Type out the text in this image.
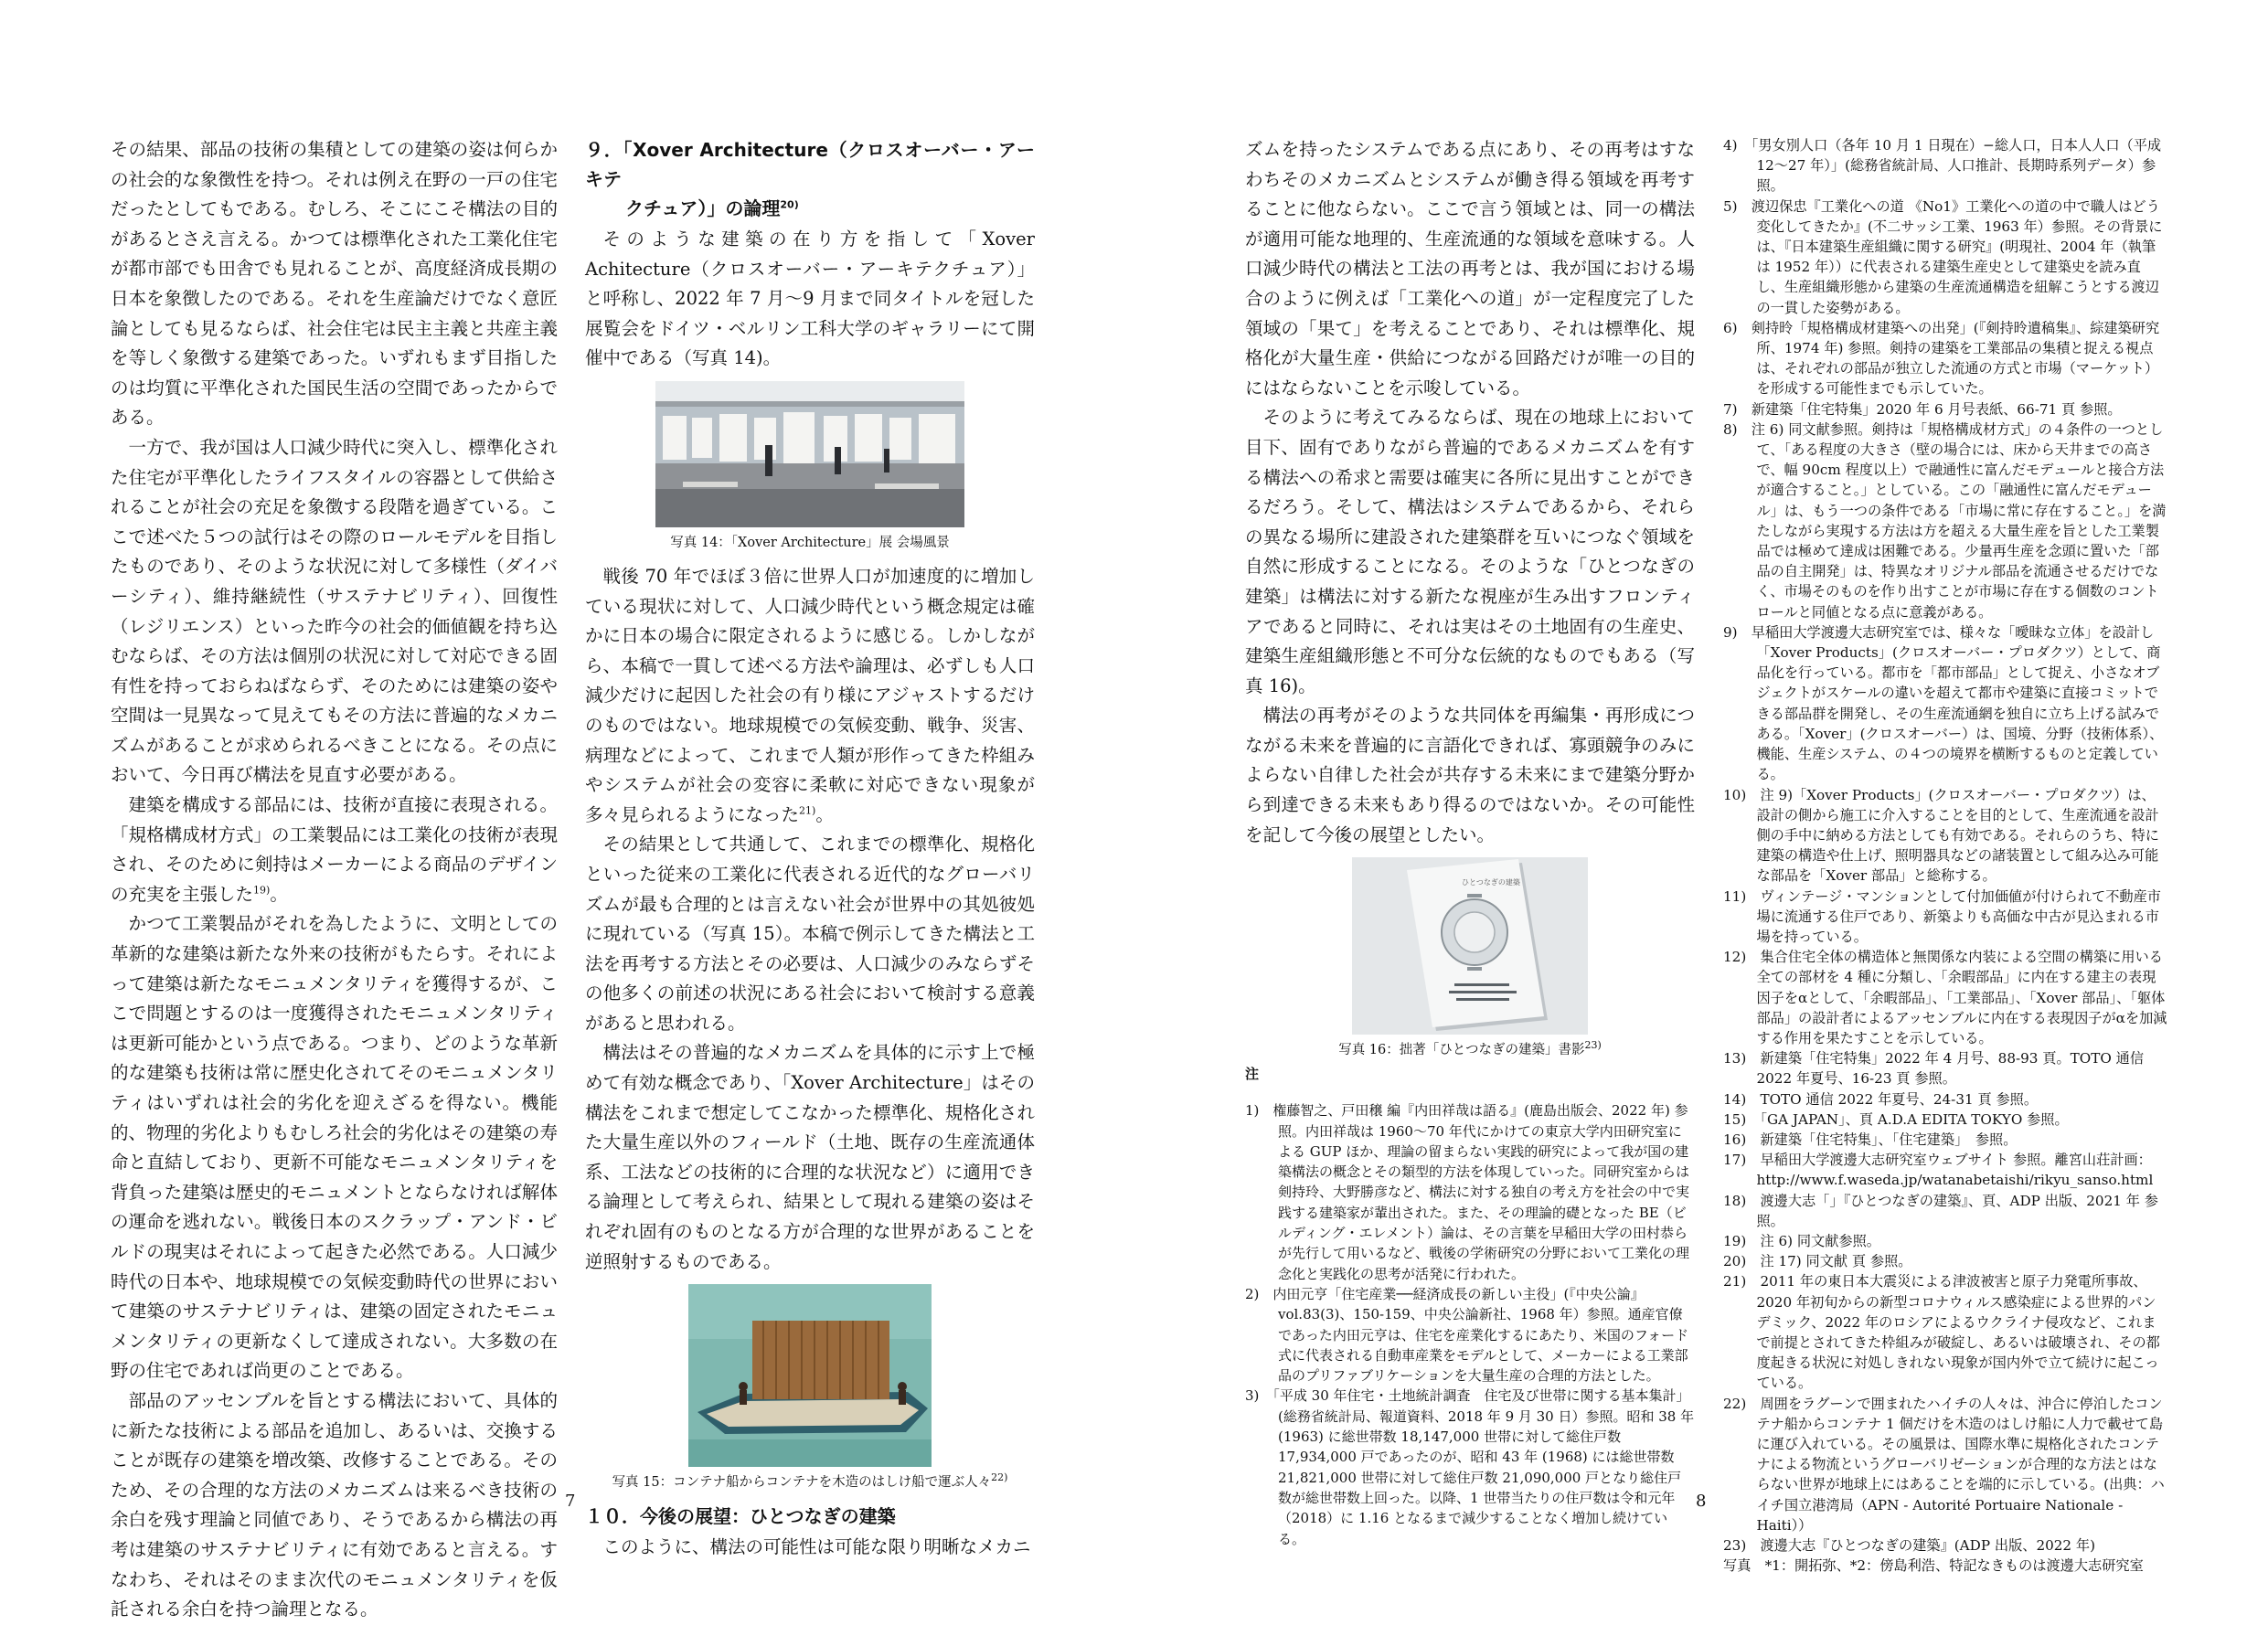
その結果、部品の技術の集積としての建築の姿は何らかの社会的な象徴性を持つ。それは例え在野の一戸の住宅だったとしてもである。むしろ、そこにこそ構法の目的があるとさえ言える。かつては標準化された工業化住宅が都市部でも田舎でも見れることが、高度経済成長期の日本を象徴したのである。それを生産論だけでなく意匠論としても見るならば、社会住宅は民主主義と共産主義を等しく象徴する建築であった。いずれもまず目指したのは均質に平準化された国民生活の空間であったからである。

一方で、我が国は人口減少時代に突入し、標準化された住宅が平準化したライフスタイルの容器として供給されることが社会の充足を象徴する段階を過ぎている。ここで述べた５つの試行はその際のロールモデルを目指したものであり、そのような状況に対して多様性（ダイバーシティ）、維持継続性（サステナビリティ）、回復性（レジリエンス）といった昨今の社会的価値観を持ち込むならば、その方法は個別の状況に対して対応できる固有性を持っておらねばならず、そのためには建築の姿や空間は一見異なって見えてもその方法に普遍的なメカニズムがあることが求められるべきことになる。その点において、今日再び構法を見直す必要がある。

建築を構成する部品には、技術が直接に表現される。「規格構成材方式」の工業製品には工業化の技術が表現され、そのために剣持はメーカーによる商品のデザインの充実を主張した$^{19)}$。

かつて工業製品がそれを為したように、文明としての革新的な建築は新たな外来の技術がもたらす。それによって建築は新たなモニュメンタリティを獲得するが、ここで問題とするのは一度獲得されたモニュメンタリティは更新可能かという点である。つまり、どのような革新的な建築も技術は常に歴史化されてそのモニュメンタリティはいずれは社会的劣化を迎えざるを得ない。機能的、物理的劣化よりもむしろ社会的劣化はその建築の寿命と直結しており、更新不可能なモニュメンタリティを背負った建築は歴史的モニュメントとならなければ解体の運命を逃れない。戦後日本のスクラップ・アンド・ビルドの現実はそれによって起きた必然である。人口減少時代の日本や、地球規模での気候変動時代の世界において建築のサステナビリティは、建築の固定されたモニュメンタリティの更新なくして達成されない。大多数の在野の住宅であれば尚更のことである。

部品のアッセンブルを旨とする構法において、具体的に新たな技術による部品を追加し、あるいは、交換することが既存の建築を増改築、改修することである。そのため、その合理的な方法のメカニズムは来るべき技術の余白を残す理論と同値であり、そうであるから構法の再考は建築のサステナビリティに有効であると言える。すなわち、それはそのまま次代のモニュメンタリティを仮託される余白を持つ論理となる。

９．「Xover Architecture（クロスオーバー・アーキテ
クチュア）」の論理$^{20)}$

そのような建築の在り方を指して「Xover Achitecture（クロスオーバー・アーキテクチュア）」と呼称し、2022 年 7 月〜9 月まで同タイトルを冠した展覧会をドイツ・ベルリン工科大学のギャラリーにて開催中である（写真 14)。

写真 14：「Xover Architecture」展 会場風景

戦後 70 年でほぼ３倍に世界人口が加速度的に増加している現状に対して、人口減少時代という概念規定は確かに日本の場合に限定されるように感じる。しかしながら、本稿で一貫して述べる方法や論理は、必ずしも人口減少だけに起因した社会の有り様にアジャストするだけのものではない。地球規模での気候変動、戦争、災害、病理などによって、これまで人類が形作ってきた枠組みやシステムが社会の変容に柔軟に対応できない現象が多々見られるようになった$^{21)}$。

その結果として共通して、これまでの標準化、規格化といった従来の工業化に代表される近代的なグローバリズムが最も合理的とは言えない社会が世界中の其処彼処に現れている（写真 15）。本稿で例示してきた構法と工法を再考する方法とその必要は、人口減少のみならずその他多くの前述の状況にある社会において検討する意義があると思われる。

構法はその普遍的なメカニズムを具体的に示す上で極めて有効な概念であり、「Xover Architecture」はその構法をこれまで想定してこなかった標準化、規格化された大量生産以外のフィールド（土地、既存の生産流通体系、工法などの技術的に合理的な状況など）に適用できる論理として考えられ、結果として現れる建築の姿はそれぞれ固有のものとなる方が合理的な世界があることを逆照射するものである。

写真 15：コンテナ船からコンテナを木造のはしけ船で運ぶ人々$^{22)}$
１０．今後の展望：ひとつなぎの建築

このように、構法の可能性は可能な限り明晰なメカニ

7

ズムを持ったシステムである点にあり、その再考はすなわちそのメカニズムとシステムが働き得る領域を再考することに他ならない。ここで言う領域とは、同一の構法が適用可能な地理的、生産流通的な領域を意味する。人口減少時代の構法と工法の再考とは、我が国における場合のように例えば「工業化への道」が一定程度完了した領域の「果て」を考えることであり、それは標準化、規格化が大量生産・供給につながる回路だけが唯一の目的にはならないことを示唆している。

そのように考えてみるならば、現在の地球上において目下、固有でありながら普遍的であるメカニズムを有する構法への希求と需要は確実に各所に見出すことができるだろう。そして、構法はシステムであるから、それらの異なる場所に建設された建築群を互いにつなぐ領域を自然に形成することになる。そのような「ひとつなぎの建築」は構法に対する新たな視座が生み出すフロンティアであると同時に、それは実はその土地固有の生産史、建築生産組織形態と不可分な伝統的なものでもある（写真 16)。

構法の再考がそのような共同体を再編集・再形成につながる未来を普遍的に言語化できれば、寡頭競争のみによらない自律した社会が共存する未来にまで建築分野から到達できる未来もあり得るのではないか。その可能性を記して今後の展望としたい。

ひとつなぎの建築
写真 16：拙著「ひとつなぎの建築」書影$^{23)}$
注
1)　権藤智之、戸田穣 編『内田祥哉は語る』(鹿島出版会、2022 年) 参照。内田祥哉は 1960〜70 年代にかけての東京大学内田研究室による GUP ほか、理論の留まらない実践的研究によって我が国の建築構法の概念とその類型的方法を体現していった。同研究室からは剣持玲、大野勝彦など、構法に対する独自の考え方を社会の中で実践する建築家が輩出された。また、その理論的礎となった BE（ビルディング・エレメント）論は、その言葉を早稲田大学の田村恭らが先行して用いるなど、戦後の学術研究の分野において工業化の理念化と実践化の思考が活発に行われた。
2)　内田元亨「住宅産業──経済成長の新しい主役」(『中央公論』vol.83(3)、150-159、中央公論新社、1968 年）参照。通産官僚であった内田元亨は、住宅を産業化するにあたり、米国のフォード式に代表される自動車産業をモデルとして、メーカーによる工業部品のプリファブリケーションを大量生産の合理的方法とした。
3)　「平成 30 年住宅・土地統計調査　住宅及び世帯に関する基本集計」(総務省統計局、報道資料、2018 年 9 月 30 日）参照。昭和 38 年 (1963) に総世帯数 18,147,000 世帯に対して総住戸数 17,934,000 戸であったのが、昭和 43 年 (1968) には総世帯数 21,821,000 世帯に対して総住戸数 21,090,000 戸となり総住戸数が総世帯数上回った。以降、1 世帯当たりの住戸数は令和元年（2018）に 1.16 となるまで減少することなく増加し続けている。
4)　「男女別人口（各年 10 月 1 日現在）−総人口，日本人人口（平成 12〜27 年）」(総務省統計局、人口推計、長期時系列データ）参照。
5)　渡辺保忠『工業化への道 《No1》工業化への道の中で職人はどう変化してきたか』(不二サッシ工業、1963 年）参照。その背景には、『日本建築生産組織に関する研究』(明現社、2004 年（執筆は 1952 年））に代表される建築生産史として建築史を読み直し、生産組織形態から建築の生産流通構造を紐解こうとする渡辺の一貫した姿勢がある。
6)　剣持昤「規格構成材建築への出発」(『剣持昤遺稿集』、綜建築研究所、1974 年) 参照。剣持の建築を工業部品の集積と捉える視点は、それぞれの部品が独立した流通の方式と市場（マーケット）を形成する可能性までも示していた。
7)　新建築「住宅特集」2020 年 6 月号表紙、66-71 頁 参照。
8)　注 6) 同文献参照。剣持は「規格構成材方式」の４条件の一つとして、「ある程度の大きさ（壁の場合には、床から天井までの高さで、幅 90cm 程度以上）で融通性に富んだモデュールと接合方法が適合すること。」としている。この「融通性に富んだモデュール」は、もう一つの条件である「市場に常に存在すること。」を満たしながら実現する方法は方を超える大量生産を旨とした工業製品では極めて達成は困難である。少量再生産を念頭に置いた「部品の自主開発」は、特異なオリジナル部品を流通させるだけでなく、市場そのものを作り出すことが市場に存在する個数のコントロールと同値となる点に意義がある。
9)　早稲田大学渡邊大志研究室では、様々な「曖昧な立体」を設計し「Xover Products」(クロスオーバー・プロダクツ）として、商品化を行っている。都市を「都市部品」として捉え、小さなオブジェクトがスケールの違いを超えて都市や建築に直接コミットできる部品群を開発し、その生産流通網を独自に立ち上げる試みである。「Xover」(クロスオーバー）は、国境、分野（技術体系）、機能、生産システム、の４つの境界を横断するものと定義している。
10)　注 9)「Xover Products」(クロスオーバー・プロダクツ）は、設計の側から施工に介入することを目的として、生産流通を設計側の手中に納める方法としても有効である。それらのうち、特に建築の構造や仕上げ、照明器具などの諸装置として組み込み可能な部品を「Xover 部品」と総称する。
11)　ヴィンテージ・マンションとして付加価値が付けられて不動産市場に流通する住戸であり、新築よりも高価な中古が見込まれる市場を持っている。
12)　集合住宅全体の構造体と無関係な内装による空間の構築に用いる全ての部材を 4 種に分類し、「余暇部品」に内在する建主の表現因子をαとして、「余暇部品」、「工業部品」、「Xover 部品」、「躯体部品」の設計者によるアッセンブルに内在する表現因子がαを加減する作用を果たすことを示している。
13)　新建築「住宅特集」2022 年 4 月号、88-93 頁。TOTO 通信 2022 年夏号、16-23 頁 参照。
14)　TOTO 通信 2022 年夏号、24-31 頁 参照。
15)　「GA JAPAN」、頁 A.D.A EDITA TOKYO 参照。
16)　新建築「住宅特集」、「住宅建築」　参照。
17)　早稲田大学渡邊大志研究室ウェブサイト 参照。離宮山荘計画：http://www.f.waseda.jp/watanabetaishi/rikyu_sanso.html
18)　渡邊大志「」『ひとつなぎの建築』、頁、ADP 出版、2021 年 参照。
19)　注 6) 同文献参照。
20)　注 17) 同文献 頁 参照。
21)　2011 年の東日本大震災による津波被害と原子力発電所事故、2020 年初旬からの新型コロナウィルス感染症による世界的パンデミック、2022 年のロシアによるウクライナ侵攻など、これまで前提とされてきた枠組みが破綻し、あるいは破壊され、その都度起きる状況に対処しきれない現象が国内外で立て続けに起こっている。
22)　周囲をラグーンで囲まれたハイチの人々は、沖合に停泊したコンテナ船からコンテナ 1 個だけを木造のはしけ船に人力で載せて島に運び入れている。その風景は、国際水準に規格化されたコンテナによる物流というグローバリゼーションが合理的な方法とはならない世界が地球上にはあることを端的に示している。(出典：ハイチ国立港湾局（APN - Autorité Portuaire Nationale - Haiti））
23)　渡邊大志『ひとつなぎの建築』(ADP 出版、2022 年)
写真　*1：開拓弥、*2：傍島利浩、特記なきものは渡邊大志研究室
8
